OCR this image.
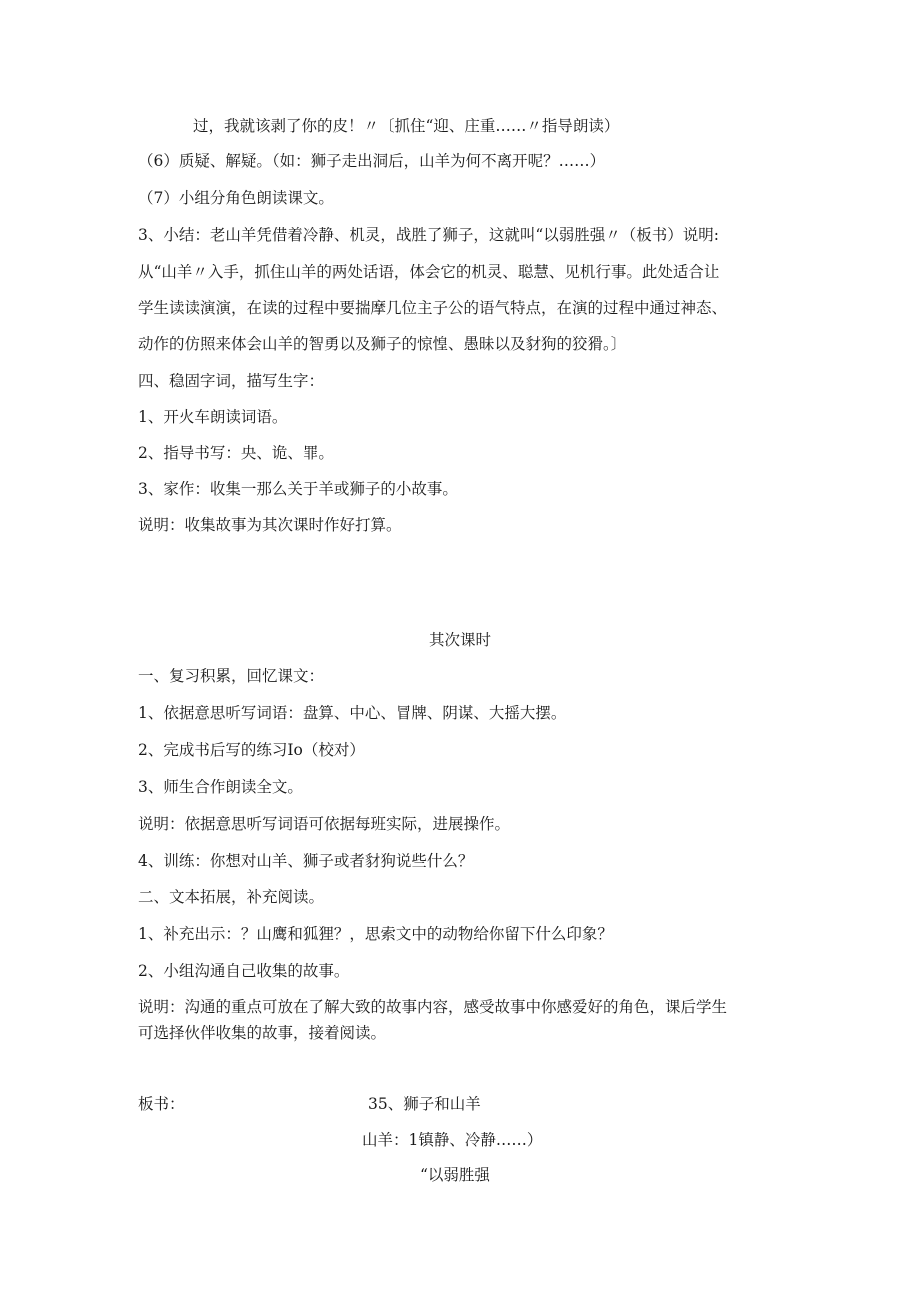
过，我就该剥了你的皮！〃〔抓住“迎、庄重……〃指导朗读）
（6）质疑、解疑。（如：狮子走出洞后，山羊为何不离开呢？……）
（7）小组分角色朗读课文。
3、小结：老山羊凭借着冷静、机灵，战胜了狮子，这就叫“以弱胜强〃（板书）说明:
从“山羊〃入手，抓住山羊的两处话语，体会它的机灵、聪慧、见机行事。此处适合让
学生读读演演，在读的过程中要揣摩几位主子公的语气特点，在演的过程中通过神态、
动作的仿照来体会山羊的智勇以及狮子的惊惶、愚昧以及豺狗的狡猾。〕
四、稳固字词，描写生字：
1、开火车朗读词语。
2、指导书写：央、诡、罪。
3、家作：收集一那么关于羊或狮子的小故事。
说明：收集故事为其次课时作好打算。
其次课时
一、复习积累，回忆课文：
1、依据意思听写词语：盘算、中心、冒牌、阴谋、大摇大摆。
2、完成书后写的练习Io（校对）
3、师生合作朗读全文。
说明：依据意思听写词语可依据每班实际，进展操作。
4、训练：你想对山羊、狮子或者豺狗说些什么？
二、文本拓展，补充阅读。
1、补充出示：？山鹰和狐狸？，思索文中的动物给你留下什么印象？
2、小组沟通自己收集的故事。
说明：沟通的重点可放在了解大致的故事内容，感受故事中你感爱好的角色，课后学生
可选择伙伴收集的故事，接着阅读。
板书：	35、狮子和山羊
山羊：1镇静、冷静……）
“以弱胜强
